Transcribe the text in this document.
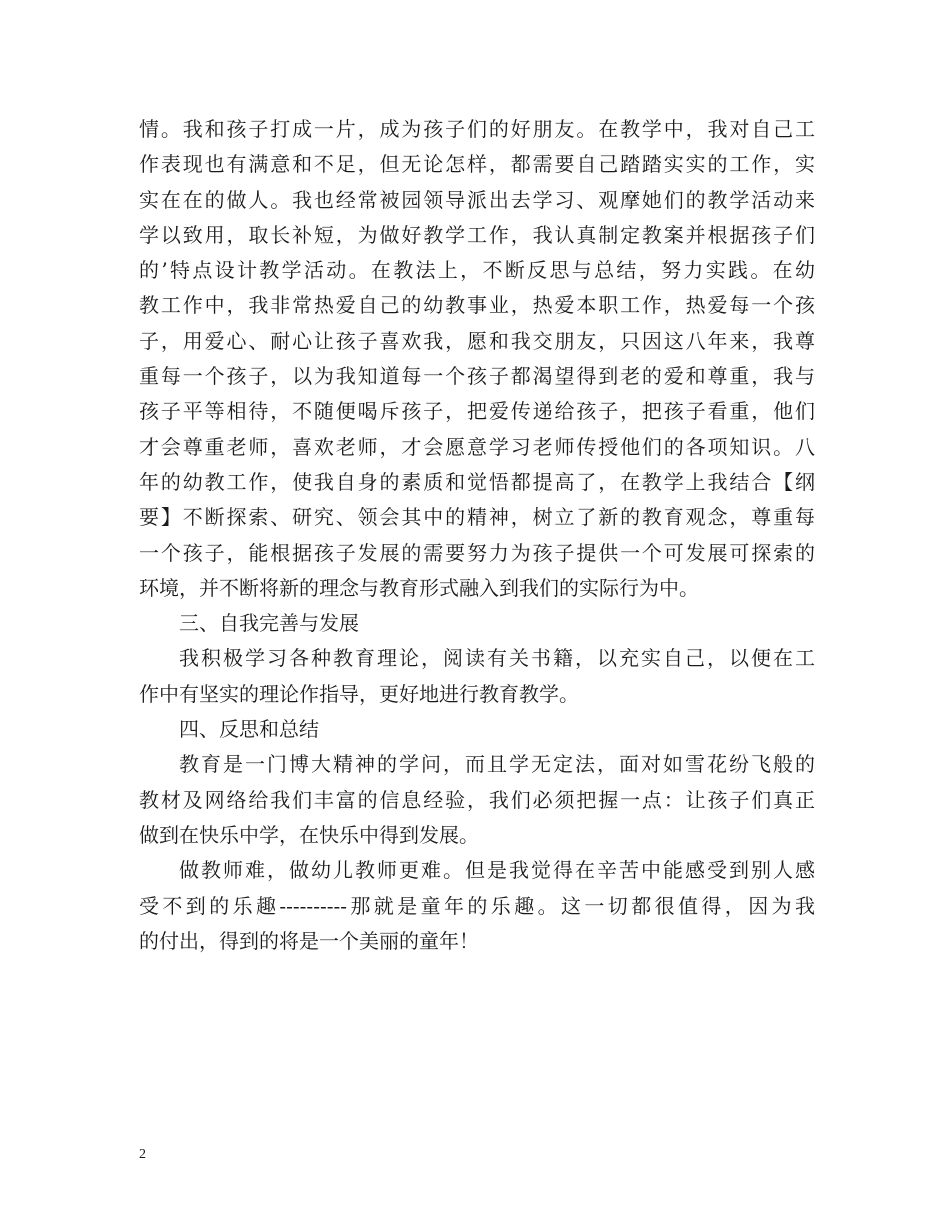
情。我和孩子打成一片，成为孩子们的好朋友。在教学中，我对自己工
作表现也有满意和不足，但无论怎样，都需要自己踏踏实实的工作，实
实在在的做人。我也经常被园领导派出去学习、观摩她们的教学活动来
学以致用，取长补短，为做好教学工作，我认真制定教案并根据孩子们
的’特点设计教学活动。在教法上，不断反思与总结，努力实践。在幼
教工作中，我非常热爱自己的幼教事业，热爱本职工作，热爱每一个孩
子，用爱心、耐心让孩子喜欢我，愿和我交朋友，只因这八年来，我尊
重每一个孩子，以为我知道每一个孩子都渴望得到老的爱和尊重，我与
孩子平等相待，不随便喝斥孩子，把爱传递给孩子，把孩子看重，他们
才会尊重老师，喜欢老师，才会愿意学习老师传授他们的各项知识。八
年的幼教工作，使我自身的素质和觉悟都提高了，在教学上我结合【纲
要】不断探索、研究、领会其中的精神，树立了新的教育观念，尊重每
一个孩子，能根据孩子发展的需要努力为孩子提供一个可发展可探索的
环境，并不断将新的理念与教育形式融入到我们的实际行为中。
三、自我完善与发展
我积极学习各种教育理论，阅读有关书籍，以充实自己，以便在工
作中有坚实的理论作指导，更好地进行教育教学。
四、反思和总结
教育是一门博大精神的学问，而且学无定法，面对如雪花纷飞般的
教材及网络给我们丰富的信息经验，我们必须把握一点：让孩子们真正
做到在快乐中学，在快乐中得到发展。
做教师难，做幼儿教师更难。但是我觉得在辛苦中能感受到别人感
受不到的乐趣----------那就是童年的乐趣。这一切都很值得，因为我
的付出，得到的将是一个美丽的童年！
2
